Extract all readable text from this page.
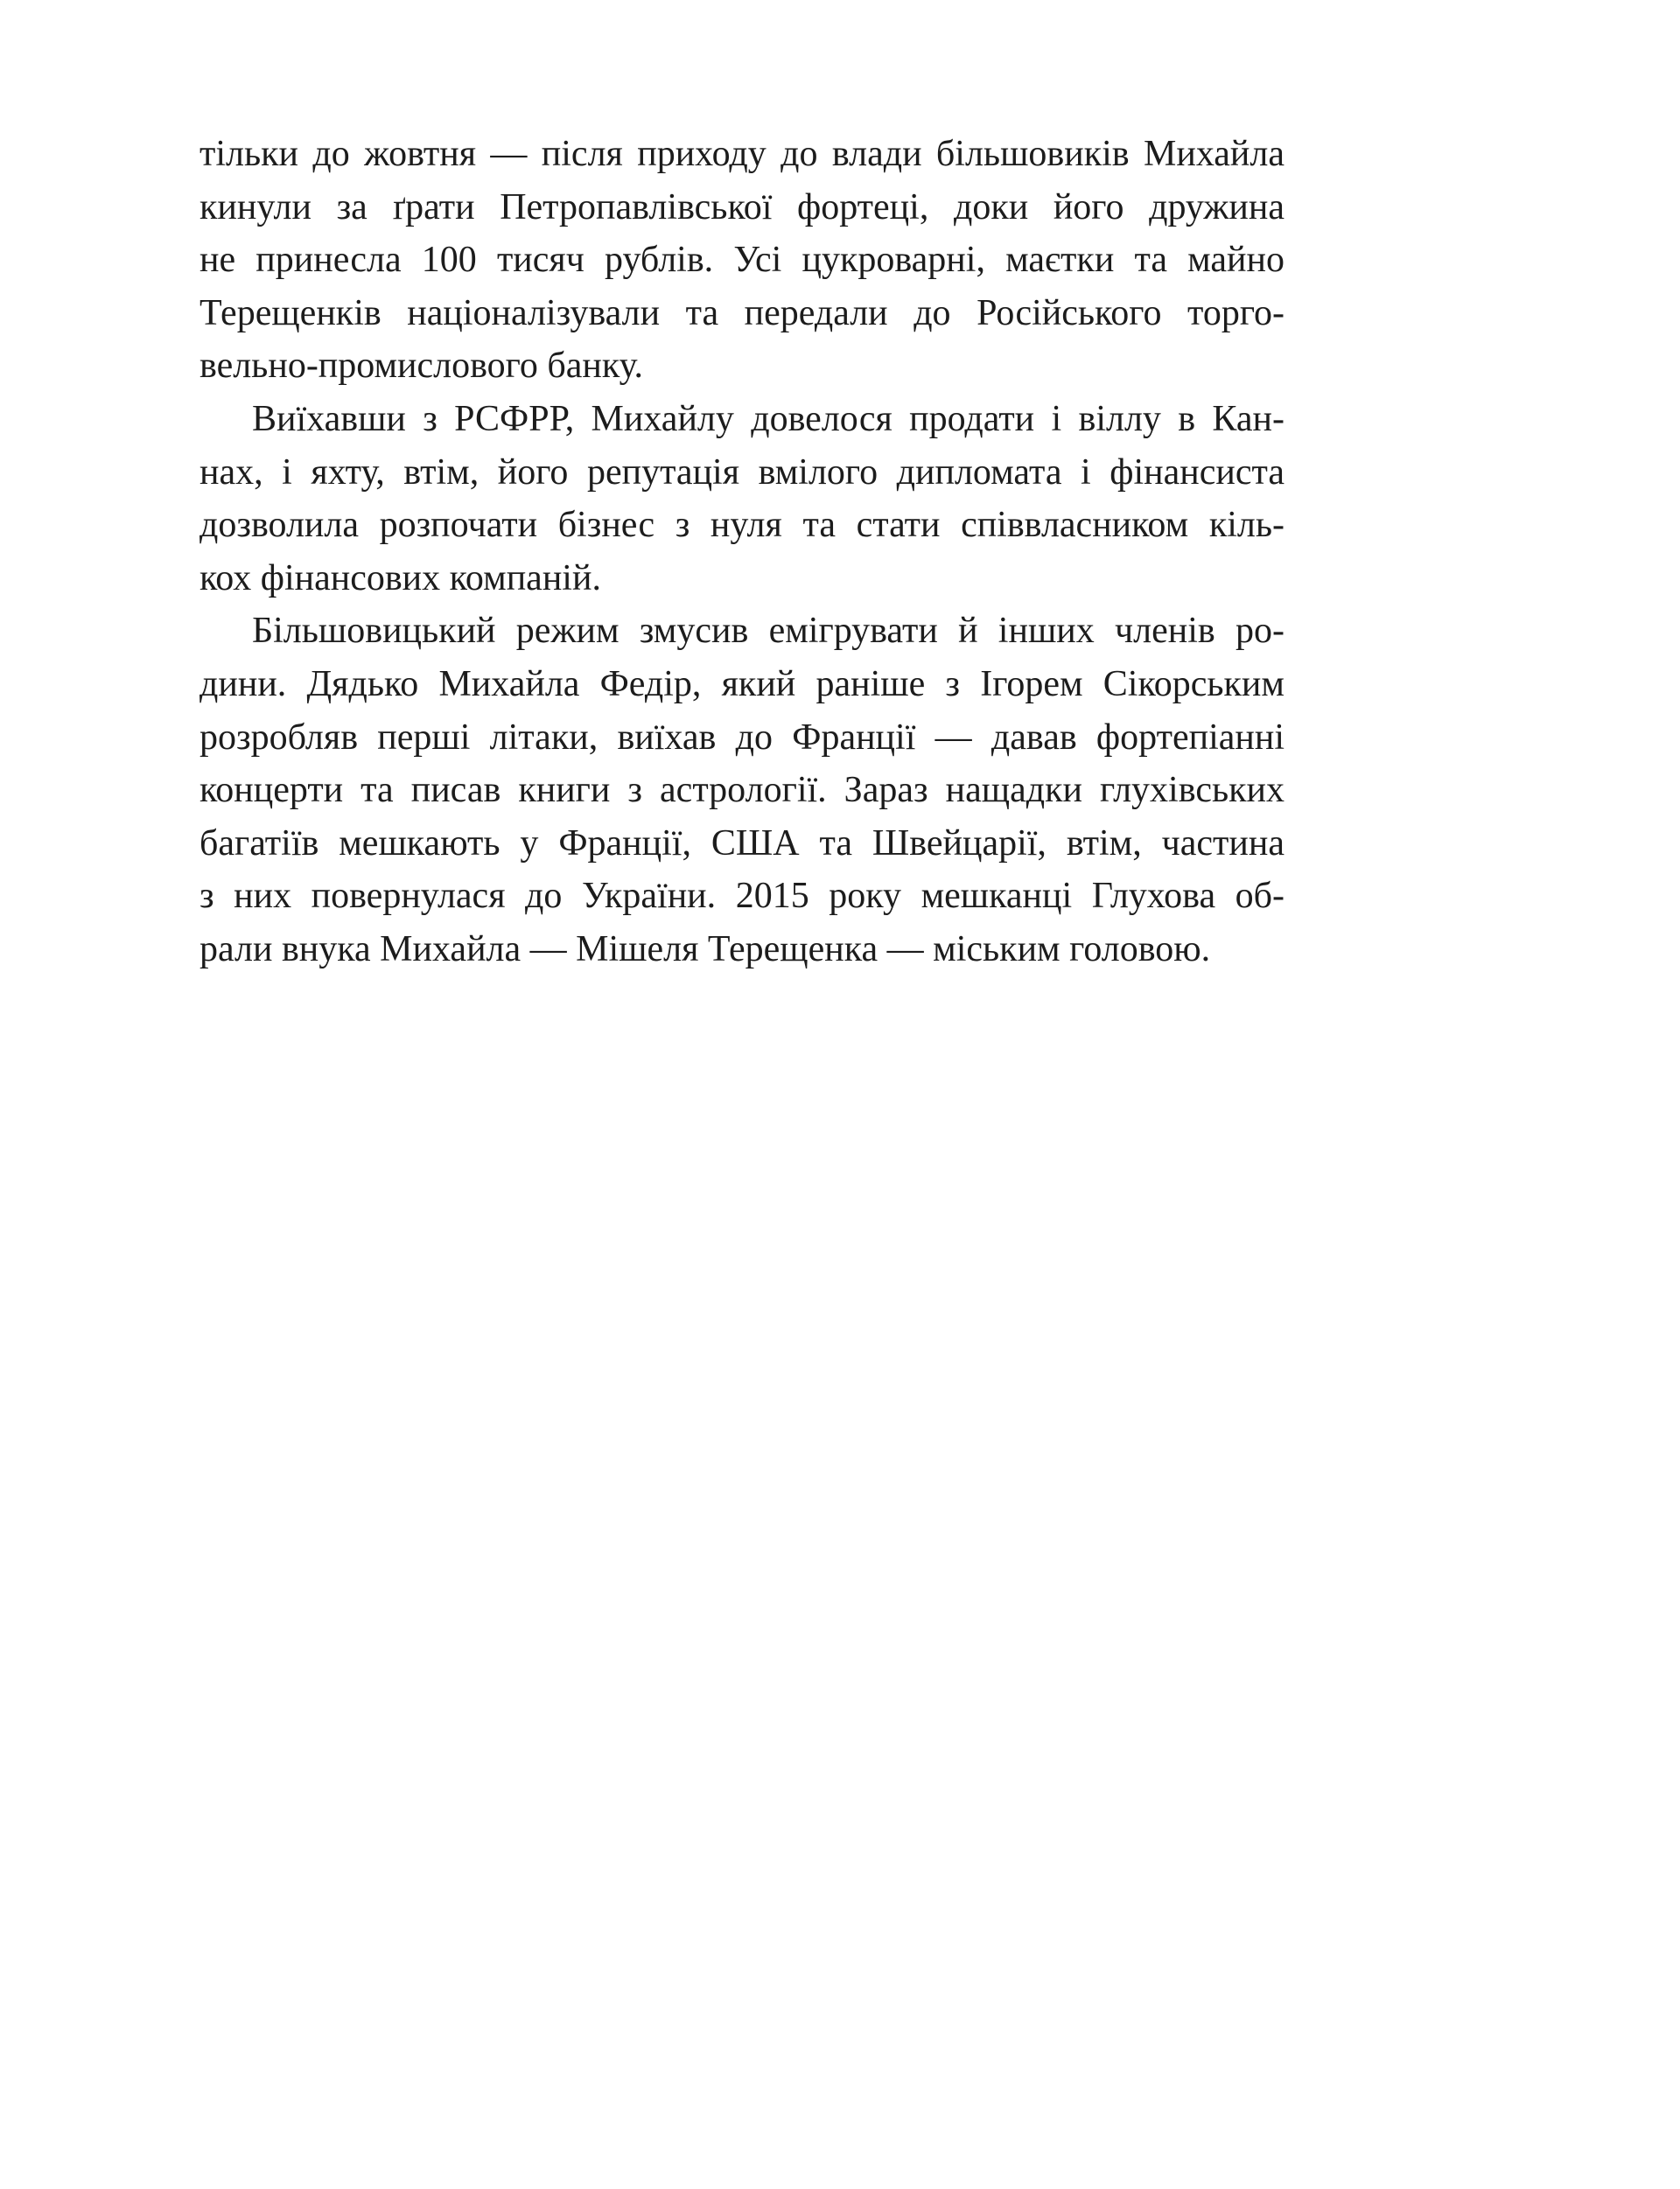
тільки до жовтня — після приходу до влади більшовиків Михайла
кинули за ґрати Петропавлівської фортеці, доки його дружина
не принесла 100 тисяч рублів. Усі цукроварні, маєтки та майно
Терещенків націоналізували та передали до Російського торго-
вельно-промислового банку.
Виїхавши з РСФРР, Михайлу довелося продати і віллу в Кан-
нах, і яхту, втім, його репутація вмілого дипломата і фінансиста
дозволила розпочати бізнес з нуля та стати співвласником кіль-
кох фінансових компаній.
Більшовицький режим змусив емігрувати й інших членів ро-
дини. Дядько Михайла Федір, який раніше з Ігорем Сікорським
розробляв перші літаки, виїхав до Франції — давав фортепіанні
концерти та писав книги з астрології. Зараз нащадки глухівських
багатіїв мешкають у Франції, США та Швейцарії, втім, частина
з них повернулася до України. 2015 року мешканці Глухова об-
рали внука Михайла — Мішеля Терещенка — міським головою.
